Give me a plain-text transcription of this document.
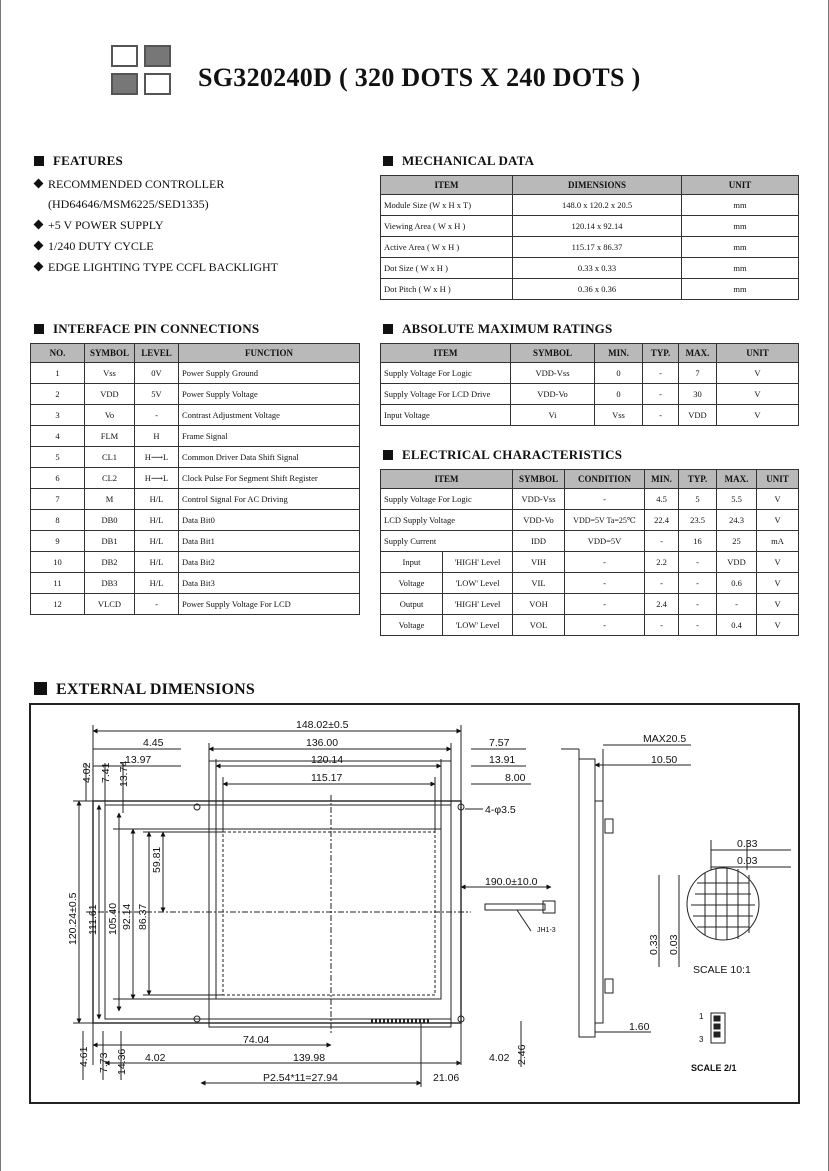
SG320240D ( 320 DOTS X 240 DOTS )
FEATURES
RECOMMENDED CONTROLLER
(HD64646/MSM6225/SED1335)
+5 V POWER SUPPLY
1/240 DUTY CYCLE
EDGE LIGHTING TYPE CCFL BACKLIGHT
MECHANICAL DATA
ITEM	DIMENSIONS	UNIT
Module Size (W x H x T)	148.0 x 120.2 x 20.5	mm
Viewing Area ( W x H )	120.14 x 92.14	mm
Active Area ( W x H )	115.17 x 86.37	mm
Dot Size ( W x H )	0.33 x 0.33	mm
Dot Pitch ( W x H )	0.36 x 0.36	mm
INTERFACE PIN CONNECTIONS
NO.	SYMBOL	LEVEL	FUNCTION
1	Vss	0V	Power Supply Ground
2	VDD	5V	Power Supply Voltage
3	Vo	-	Contrast Adjustment Voltage
4	FLM	H	Frame Signal
5	CL1	H⟶L	Common Driver Data Shift Signal
6	CL2	H⟶L	Clock Pulse For Segment Shift Register
7	M	H/L	Control Signal For AC Driving
8	DB0	H/L	Data Bit0
9	DB1	H/L	Data Bit1
10	DB2	H/L	Data Bit2
11	DB3	H/L	Data Bit3
12	VLCD	-	Power Supply Voltage For LCD
ABSOLUTE MAXIMUM RATINGS
ITEM	SYMBOL	MIN.	TYP.	MAX.	UNIT
Supply Voltage For Logic	VDD-Vss	0	-	7	V
Supply Voltage For LCD Drive	VDD-Vo	0	-	30	V
Input Voltage	Vi	Vss	-	VDD	V
ELECTRICAL CHARACTERISTICS
ITEM		SYMBOL	CONDITION	MIN.	TYP.	MAX.	UNIT
Supply Voltage For Logic		VDD-Vss	-	4.5	5	5.5	V
LCD Supply Voltage		VDD-Vo	VDD=5V Ta=25℃	22.4	23.5	24.3	V
Supply Current		IDD	VDD=5V	-	16	25	mA
Input	'HIGH' Level	VIH	-	2.2	-	VDD	V
Voltage	'LOW' Level	VIL	-	-	-	0.6	V
Output	'HIGH' Level	VOH	-	2.4	-	-	V
Voltage	'LOW' Level	VOL	-	-	-	0.4	V
EXTERNAL DIMENSIONS
148.02±0.5
136.00
120.14
115.17
4.45
13.97
7.57
13.91
8.00
4-φ3.5
190.0±10.0
JH1-3
74.04
139.98
4.02	4.02
P2.54*11=27.94	21.06
MAX20.5
10.50
1.60
0.33
0.03
SCALE 10:1
SCALE 2/1
1
3
4.02 7.41 13.74
120.24±0.5 111.61 105.40 92.14 86.37
59.81
4.61 7.73 14.36	2.46
0.33 0.03
